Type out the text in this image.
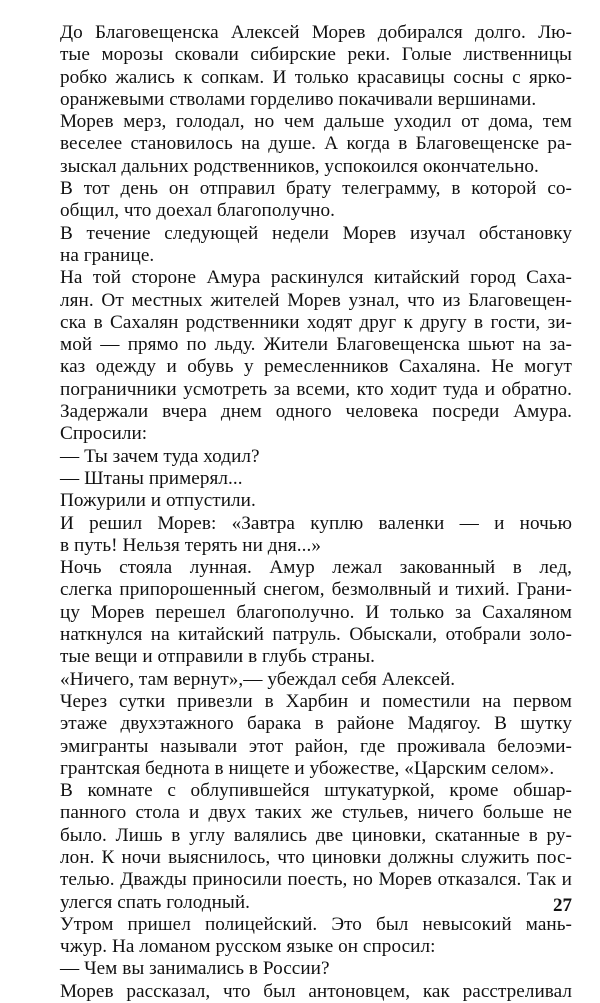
До Благовещенска Алексей Морев добирался долго. Лю-
тые морозы сковали сибирские реки. Голые лиственницы
робко жались к сопкам. И только красавицы сосны с ярко-
оранжевыми стволами горделиво покачивали вершинами.
Морев мерз, голодал, но чем дальше уходил от дома, тем
веселее становилось на душе. А когда в Благовещенске ра-
зыскал дальних родственников, успокоился окончательно.
В тот день он отправил брату телеграмму, в которой со-
общил, что доехал благополучно.
В течение следующей недели Морев изучал обстановку
на границе.
На той стороне Амура раскинулся китайский город Саха-
лян. От местных жителей Морев узнал, что из Благовещен-
ска в Сахалян родственники ходят друг к другу в гости, зи-
мой — прямо по льду. Жители Благовещенска шьют на за-
каз одежду и обувь у ремесленников Сахаляна. Не могут
пограничники усмотреть за всеми, кто ходит туда и обратно.
Задержали вчера днем одного человека посреди Амура.
Спросили:
— Ты зачем туда ходил?
— Штаны примерял...
Пожурили и отпустили.
И решил Морев: «Завтра куплю валенки — и ночью
в путь! Нельзя терять ни дня...»
Ночь стояла лунная. Амур лежал закованный в лед,
слегка припорошенный снегом, безмолвный и тихий. Грани-
цу Морев перешел благополучно. И только за Сахаляном
наткнулся на китайский патруль. Обыскали, отобрали золо-
тые вещи и отправили в глубь страны.
«Ничего, там вернут»,— убеждал себя Алексей.
Через сутки привезли в Харбин и поместили на первом
этаже двухэтажного барака в районе Мадягоу. В шутку
эмигранты называли этот район, где проживала белоэми-
грантская беднота в нищете и убожестве, «Царским селом».
В комнате с облупившейся штукатуркой, кроме обшар-
панного стола и двух таких же стульев, ничего больше не
было. Лишь в углу валялись две циновки, скатанные в ру-
лон. К ночи выяснилось, что циновки должны служить пос-
телью. Дважды приносили поесть, но Морев отказался. Так и
улегся спать голодный.
Утром пришел полицейский. Это был невысокий мань-
чжур. На ломаном русском языке он спросил:
— Чем вы занимались в России?
Морев рассказал, что был антоновцем, как расстреливал
27
